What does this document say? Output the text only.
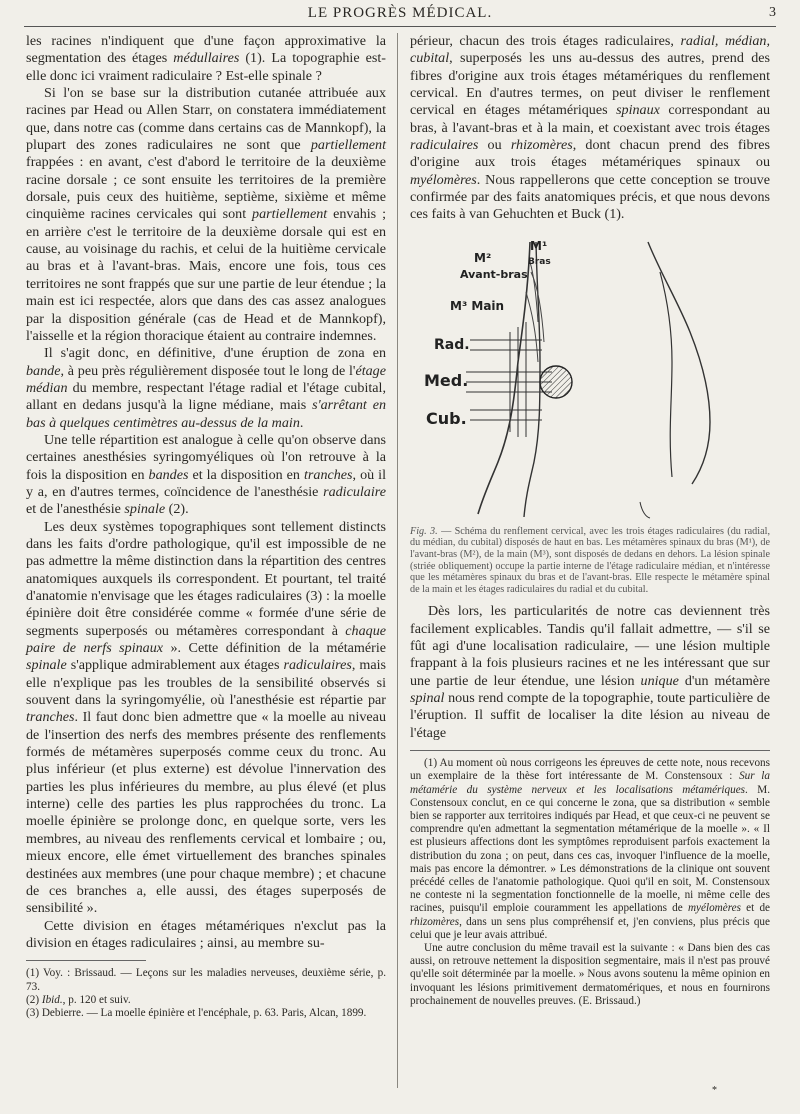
LE PROGRÈS MÉDICAL.	3

les racines n'indiquent que d'une façon approximative la segmentation des étages médullaires (1). La topographie est-elle donc ici vraiment radiculaire ? Est-elle spinale ?

Si l'on se base sur la distribution cutanée attribuée aux racines par Head ou Allen Starr, on constatera immédiatement que, dans notre cas (comme dans certains cas de Mannkopf), la plupart des zones radiculaires ne sont que partiellement frappées : en avant, c'est d'abord le territoire de la deuxième racine dorsale ; ce sont ensuite les territoires de la première dorsale, puis ceux des huitième, septième, sixième et même cinquième racines cervicales qui sont partiellement envahis ; en arrière c'est le territoire de la deuxième dorsale qui est en cause, au voisinage du rachis, et celui de la huitième cervicale au bras et à l'avant-bras. Mais, encore une fois, tous ces territoires ne sont frappés que sur une partie de leur étendue ; la main est ici respectée, alors que dans des cas assez analogues par la disposition générale (cas de Head et de Mannkopf), l'aisselle et la région thoracique étaient au contraire indemnes.

Il s'agit donc, en définitive, d'une éruption de zona en bande, à peu près régulièrement disposée tout le long de l'étage médian du membre, respectant l'étage radial et l'étage cubital, allant en dedans jusqu'à la ligne médiane, mais s'arrêtant en bas à quelques centimètres au-dessus de la main.

Une telle répartition est analogue à celle qu'on observe dans certaines anesthésies syringomyéliques où l'on retrouve à la fois la disposition en bandes et la disposition en tranches, où il y a, en d'autres termes, coïncidence de l'anesthésie radiculaire et de l'anesthésie spinale (2).

Les deux systèmes topographiques sont tellement distincts dans les faits d'ordre pathologique, qu'il est impossible de ne pas admettre la même distinction dans la répartition des centres anatomiques auxquels ils correspondent. Et pourtant, tel traité d'anatomie n'envisage que les étages radiculaires (3) : la moelle épinière doit être considérée comme « formée d'une série de segments superposés ou métamères correspondant à chaque paire de nerfs spinaux ». Cette définition de la métamérie spinale s'applique admirablement aux étages radiculaires, mais elle n'explique pas les troubles de la sensibilité observés si souvent dans la syringomyélie, où l'anesthésie est répartie par tranches. Il faut donc bien admettre que « la moelle au niveau de l'insertion des nerfs des membres présente des renflements formés de métamères superposés comme ceux du tronc. Au plus inférieur (et plus externe) est dévolue l'innervation des parties les plus inférieures du membre, au plus élevé (et plus interne) celle des parties les plus rapprochées du tronc. La moelle épinière se prolonge donc, en quelque sorte, vers les membres, au niveau des renflements cervical et lombaire ; ou, mieux encore, elle émet virtuellement des branches spinales destinées aux membres (une pour chaque membre) ; et chacune de ces branches a, elle aussi, des étages superposés de sensibilité ».

Cette division en étages métamériques n'exclut pas la division en étages radiculaires ; ainsi, au membre su-

(1) Voy. : Brissaud. — Leçons sur les maladies nerveuses, deuxième série, p. 73.

(2) Ibid., p. 120 et suiv.

(3) Debierre. — La moelle épinière et l'encéphale, p. 63. Paris, Alcan, 1899.

périeur, chacun des trois étages radiculaires, radial, médian, cubital, superposés les uns au-dessus des autres, prend des fibres d'origine aux trois étages métamériques du renflement cervical. En d'autres termes, on peut diviser le renflement cervical en étages métamériques spinaux correspondant au bras, à l'avant-bras et à la main, et coexistant avec trois étages radiculaires ou rhizomères, dont chacun prend des fibres d'origine aux trois étages métamériques spinaux ou myélomères. Nous rappellerons que cette conception se trouve confirmée par des faits anatomiques précis, et que nous devons ces faits à van Gehuchten et Buck (1).

M¹
Bras
M²
Avant-bras
M³ Main
Rad.
Med.
Cub.

Fig. 3. — Schéma du renflement cervical, avec les trois étages radiculaires (du radial, du médian, du cubital) disposés de haut en bas. Les métamères spinaux du bras (M¹), de l'avant-bras (M²), de la main (M³), sont disposés de dedans en dehors. La lésion spinale (striée obliquement) occupe la partie interne de l'étage radiculaire médian, et n'intéresse que les métamères spinaux du bras et de l'avant-bras. Elle respecte le métamère spinal de la main et les étages radiculaires du radial et du cubital.

Dès lors, les particularités de notre cas deviennent très facilement explicables. Tandis qu'il fallait admettre, — s'il se fût agi d'une localisation radiculaire, — une lésion multiple frappant à la fois plusieurs racines et ne les intéressant que sur une partie de leur étendue, une lésion unique d'un métamère spinal nous rend compte de la topographie, toute particulière de l'éruption. Il suffit de localiser la dite lésion au niveau de l'étage

(1) Au moment où nous corrigeons les épreuves de cette note, nous recevons un exemplaire de la thèse fort intéressante de M. Constensoux : Sur la métamérie du système nerveux et les localisations métamériques. M. Constensoux conclut, en ce qui concerne le zona, que sa distribution « semble bien se rapporter aux territoires indiqués par Head, et que ceux-ci ne peuvent se comprendre qu'en admettant la segmentation métamérique de la moelle ». « Il est plusieurs affections dont les symptômes reproduisent parfois exactement la distribution du zona ; on peut, dans ces cas, invoquer l'influence de la moelle, mais pas encore la démontrer. » Les démonstrations de la clinique ont souvent précédé celles de l'anatomie pathologique. Quoi qu'il en soit, M. Constensoux ne conteste ni la segmentation fonctionnelle de la moelle, ni même celle des racines, puisqu'il emploie couramment les appellations de myélomères et de rhizomères, dans un sens plus compréhensif et, j'en conviens, plus précis que celui que je leur avais attribué.

Une autre conclusion du même travail est la suivante : « Dans bien des cas aussi, on retrouve nettement la disposition segmentaire, mais il n'est pas prouvé qu'elle soit déterminée par la moelle. » Nous avons soutenu la même opinion en invoquant les lésions primitivement dermatomériques, et nous en fournirons prochainement de nouvelles preuves. (E. Brissaud.)

*
